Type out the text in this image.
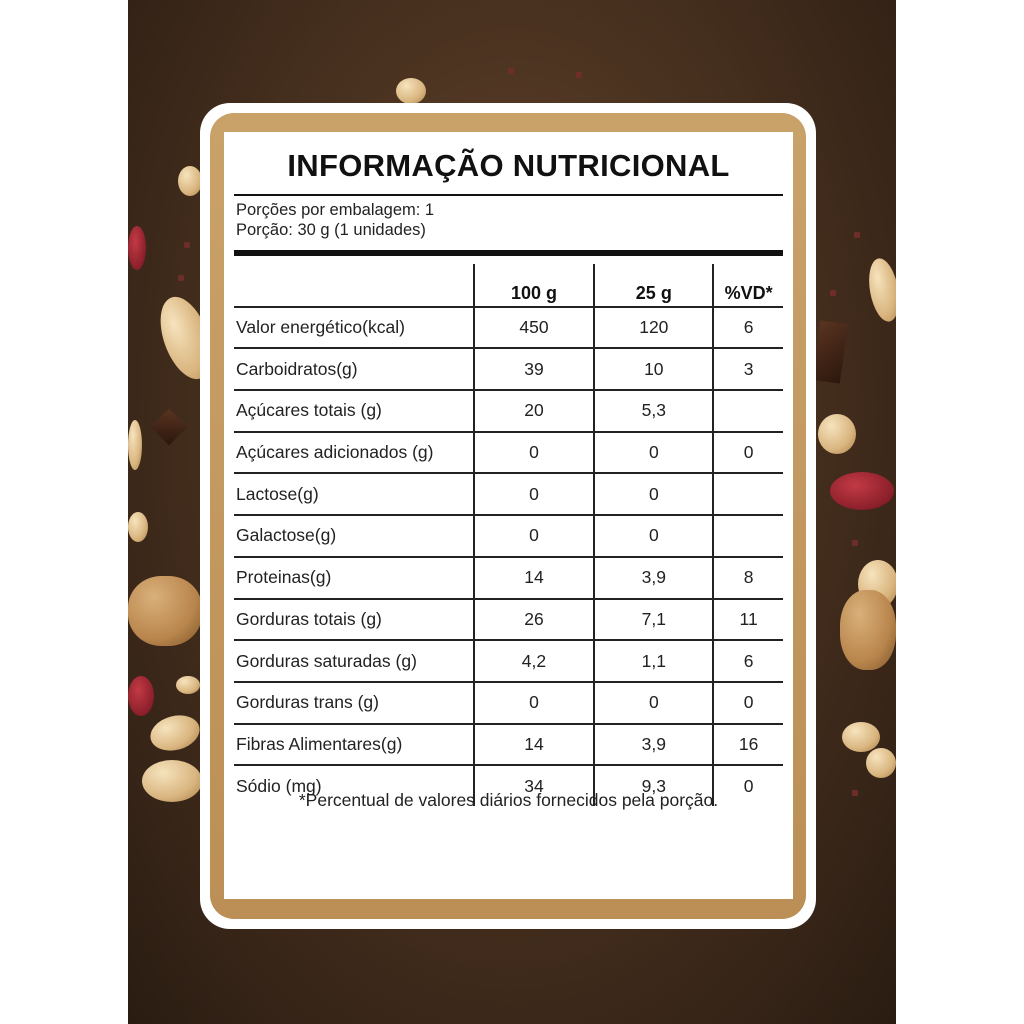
INFORMAÇÃO NUTRICIONAL
Porções por embalagem: 1
Porção: 30 g (1 unidades)
	100 g	25 g	%VD*
Valor energético(kcal)	450	120	6
Carboidratos(g)	39	10	3
Açúcares totais (g)	20	5,3	
Açúcares adicionados (g)	0	0	0
Lactose(g)	0	0	
Galactose(g)	0	0	
Proteinas(g)	14	3,9	8
Gorduras totais (g)	26	7,1	11
Gorduras saturadas (g)	4,2	1,1	6
Gorduras trans (g)	0	0	0
Fibras Alimentares(g)	14	3,9	16
Sódio (mg)	34	9,3	0
*Percentual de valores diários fornecidos pela porção.
